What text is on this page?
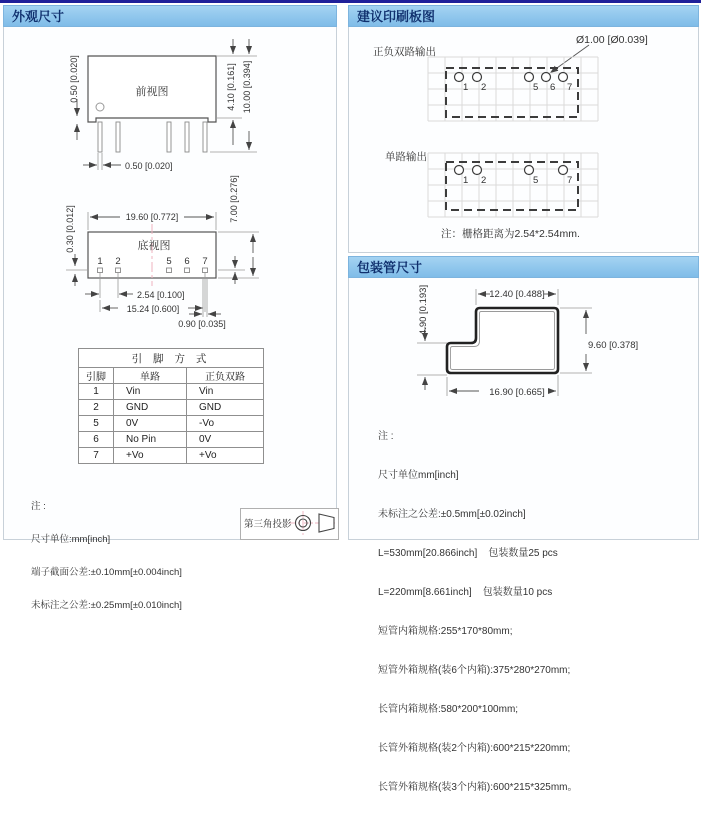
外观尺寸
前视图
0.50 [0.020]
0.50 [0.020]
4.10 [0.161] 10.00 [0.394]
底视图
1 2	5 6 7
19.60 [0.772]
0.30 [0.012]
7.00 [0.276]
2.54 [0.100]
15.24 [0.600]
0.90 [0.035]
引 脚 方 式		
引脚	单路	正负双路
1	Vin	Vin
2	GND	GND
5	0V	-Vo
6	No Pin	0V
7	+Vo	+Vo

注 :

尺寸单位:mm[inch]

端子截面公差:±0.10mm[±0.004inch]

未标注之公差:±0.25mm[±0.010inch]

第三角投影
建议印刷板图
正负双路输出
Ø1.00 [Ø0.039]
1 2	5 6 7
单路输出
1 2	5	7
注：栅格距离为2.54*2.54mm.
包装管尺寸
12.40 [0.488]
4.90 [0.193]
9.60 [0.378]
16.90 [0.665]

注 :

尺寸单位mm[inch]

未标注之公差:±0.5mm[±0.02inch]

L=530mm[20.866inch]    包装数量25 pcs

L=220mm[8.661inch]    包装数量10 pcs

短管内箱规格:255*170*80mm;

短管外箱规格(装6个内箱):375*280*270mm;

长管内箱规格:580*200*100mm;

长管外箱规格(装2个内箱):600*215*220mm;

长管外箱规格(装3个内箱):600*215*325mm。
